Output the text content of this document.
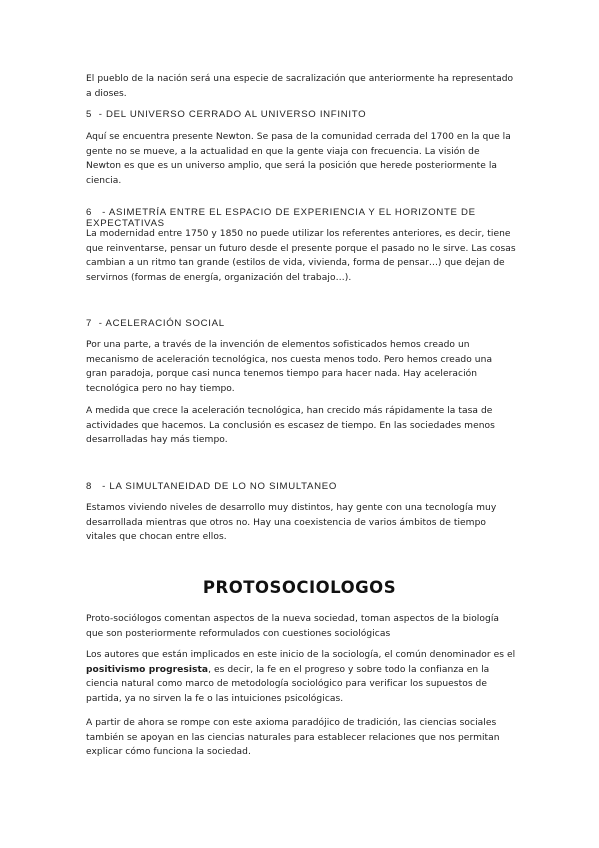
El pueblo de la nación será una especie de sacralización que anteriormente ha representado a dioses.

5 - DEL UNIVERSO CERRADO AL UNIVERSO INFINITO

Aquí se encuentra presente Newton. Se pasa de la comunidad cerrada del 1700 en la que la gente no se mueve, a la actualidad en que la gente viaja con frecuencia. La visión de Newton es que es un universo amplio, que será la posición que herede posteriormente la ciencia.

6 - ASIMETRÍA ENTRE EL ESPACIO DE EXPERIENCIA Y EL HORIZONTE DE EXPECTATIVAS

La modernidad entre 1750 y 1850 no puede utilizar los referentes anteriores, es decir, tiene que reinventarse, pensar un futuro desde el presente porque el pasado no le sirve. Las cosas cambian a un ritmo tan grande (estilos de vida, vivienda, forma de pensar…) que dejan de servirnos (formas de energía, organización del trabajo…).

7 - ACELERACIÓN SOCIAL

Por una parte, a través de la invención de elementos sofisticados hemos creado un mecanismo de aceleración tecnológica, nos cuesta menos todo. Pero hemos creado una gran paradoja, porque casi nunca tenemos tiempo para hacer nada. Hay aceleración tecnológica pero no hay tiempo.

A medida que crece la aceleración tecnológica, han crecido más rápidamente la tasa de actividades que hacemos. La conclusión es escasez de tiempo. En las sociedades menos desarrolladas hay más tiempo.

8 - LA SIMULTANEIDAD DE LO NO SIMULTANEO

Estamos viviendo niveles de desarrollo muy distintos, hay gente con una tecnología muy desarrollada mientras que otros no. Hay una coexistencia de varios ámbitos de tiempo vitales que chocan entre ellos.

PROTOSOCIOLOGOS

Proto-sociólogos comentan aspectos de la nueva sociedad, toman aspectos de la biología que son posteriormente reformulados con cuestiones sociológicas

Los autores que están implicados en este inicio de la sociología, el común denominador es el positivismo progresista, es decir, la fe en el progreso y sobre todo la confianza en la ciencia natural como marco de metodología sociológico para verificar los supuestos de partida, ya no sirven la fe o las intuiciones psicológicas.

A partir de ahora se rompe con este axioma paradójico de tradición, las ciencias sociales también se apoyan en las ciencias naturales para establecer relaciones que nos permitan explicar cómo funciona la sociedad.
